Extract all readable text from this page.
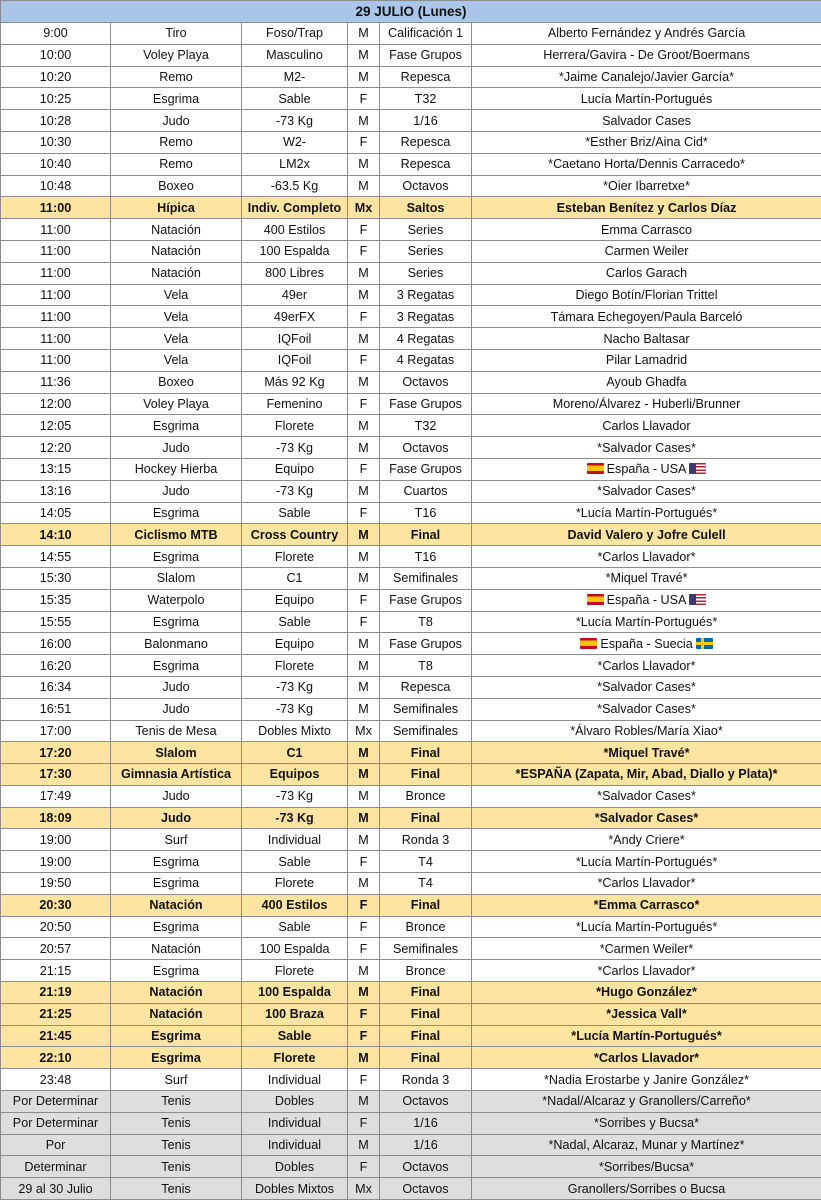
29 JULIO (Lunes)					
9:00	Tiro	Foso/Trap	M	Calificación 1	Alberto Fernández y Andrés García
10:00	Voley Playa	Masculino	M	Fase Grupos	Herrera/Gavira - De Groot/Boermans
10:20	Remo	M2-	M	Repesca	*Jaime Canalejo/Javier García*
10:25	Esgrima	Sable	F	T32	Lucía Martín-Portugués
10:28	Judo	-73 Kg	M	1/16	Salvador Cases
10:30	Remo	W2-	F	Repesca	*Esther Briz/Aina Cid*
10:40	Remo	LM2x	M	Repesca	*Caetano Horta/Dennis Carracedo*
10:48	Boxeo	-63.5 Kg	M	Octavos	*Oier Ibarretxe*
11:00	Hípica	Indiv. Completo	Mx	Saltos	Esteban Benítez y Carlos Díaz
11:00	Natación	400 Estilos	F	Series	Emma Carrasco
11:00	Natación	100 Espalda	F	Series	Carmen Weiler
11:00	Natación	800 Libres	M	Series	Carlos Garach
11:00	Vela	49er	M	3 Regatas	Diego Botín/Florian Trittel
11:00	Vela	49erFX	F	3 Regatas	Támara Echegoyen/Paula Barceló
11:00	Vela	IQFoil	M	4 Regatas	Nacho Baltasar
11:00	Vela	IQFoil	F	4 Regatas	Pilar Lamadrid
11:36	Boxeo	Más 92 Kg	M	Octavos	Ayoub Ghadfa
12:00	Voley Playa	Femenino	F	Fase Grupos	Moreno/Álvarez - Huberli/Brunner
12:05	Esgrima	Florete	M	T32	Carlos Llavador
12:20	Judo	-73 Kg	M	Octavos	*Salvador Cases*
13:15	Hockey Hierba	Equipo	F	Fase Grupos	España - USA
13:16	Judo	-73 Kg	M	Cuartos	*Salvador Cases*
14:05	Esgrima	Sable	F	T16	*Lucía Martín-Portugués*
14:10	Ciclismo MTB	Cross Country	M	Final	David Valero y Jofre Culell
14:55	Esgrima	Florete	M	T16	*Carlos Llavador*
15:30	Slalom	C1	M	Semifinales	*Miquel Travé*
15:35	Waterpolo	Equipo	F	Fase Grupos	España - USA
15:55	Esgrima	Sable	F	T8	*Lucía Martín-Portugués*
16:00	Balonmano	Equipo	M	Fase Grupos	España - Suecia
16:20	Esgrima	Florete	M	T8	*Carlos Llavador*
16:34	Judo	-73 Kg	M	Repesca	*Salvador Cases*
16:51	Judo	-73 Kg	M	Semifinales	*Salvador Cases*
17:00	Tenis de Mesa	Dobles Mixto	Mx	Semifinales	*Álvaro Robles/María Xiao*
17:20	Slalom	C1	M	Final	*Miquel Travé*
17:30	Gimnasia Artística	Equipos	M	Final	*ESPAÑA (Zapata, Mir, Abad, Diallo y Plata)*
17:49	Judo	-73 Kg	M	Bronce	*Salvador Cases*
18:09	Judo	-73 Kg	M	Final	*Salvador Cases*
19:00	Surf	Individual	M	Ronda 3	*Andy Criere*
19:00	Esgrima	Sable	F	T4	*Lucía Martín-Portugués*
19:50	Esgrima	Florete	M	T4	*Carlos Llavador*
20:30	Natación	400 Estilos	F	Final	*Emma Carrasco*
20:50	Esgrima	Sable	F	Bronce	*Lucía Martín-Portugués*
20:57	Natación	100 Espalda	F	Semifinales	*Carmen Weiler*
21:15	Esgrima	Florete	M	Bronce	*Carlos Llavador*
21:19	Natación	100 Espalda	M	Final	*Hugo González*
21:25	Natación	100 Braza	F	Final	*Jessica Vall*
21:45	Esgrima	Sable	F	Final	*Lucía Martín-Portugués*
22:10	Esgrima	Florete	M	Final	*Carlos Llavador*
23:48	Surf	Individual	F	Ronda 3	*Nadia Erostarbe y Janire González*
Por Determinar	Tenis	Dobles	M	Octavos	*Nadal/Alcaraz y Granollers/Carreño*
Por Determinar	Tenis	Individual	F	1/16	*Sorribes y Bucsa*
Por	Tenis	Individual	M	1/16	*Nadal, Alcaraz, Munar y Martínez*
Determinar	Tenis	Dobles	F	Octavos	*Sorribes/Bucsa*
29 al 30 Julio	Tenis	Dobles Mixtos	Mx	Octavos	Granollers/Sorribes o Bucsa
